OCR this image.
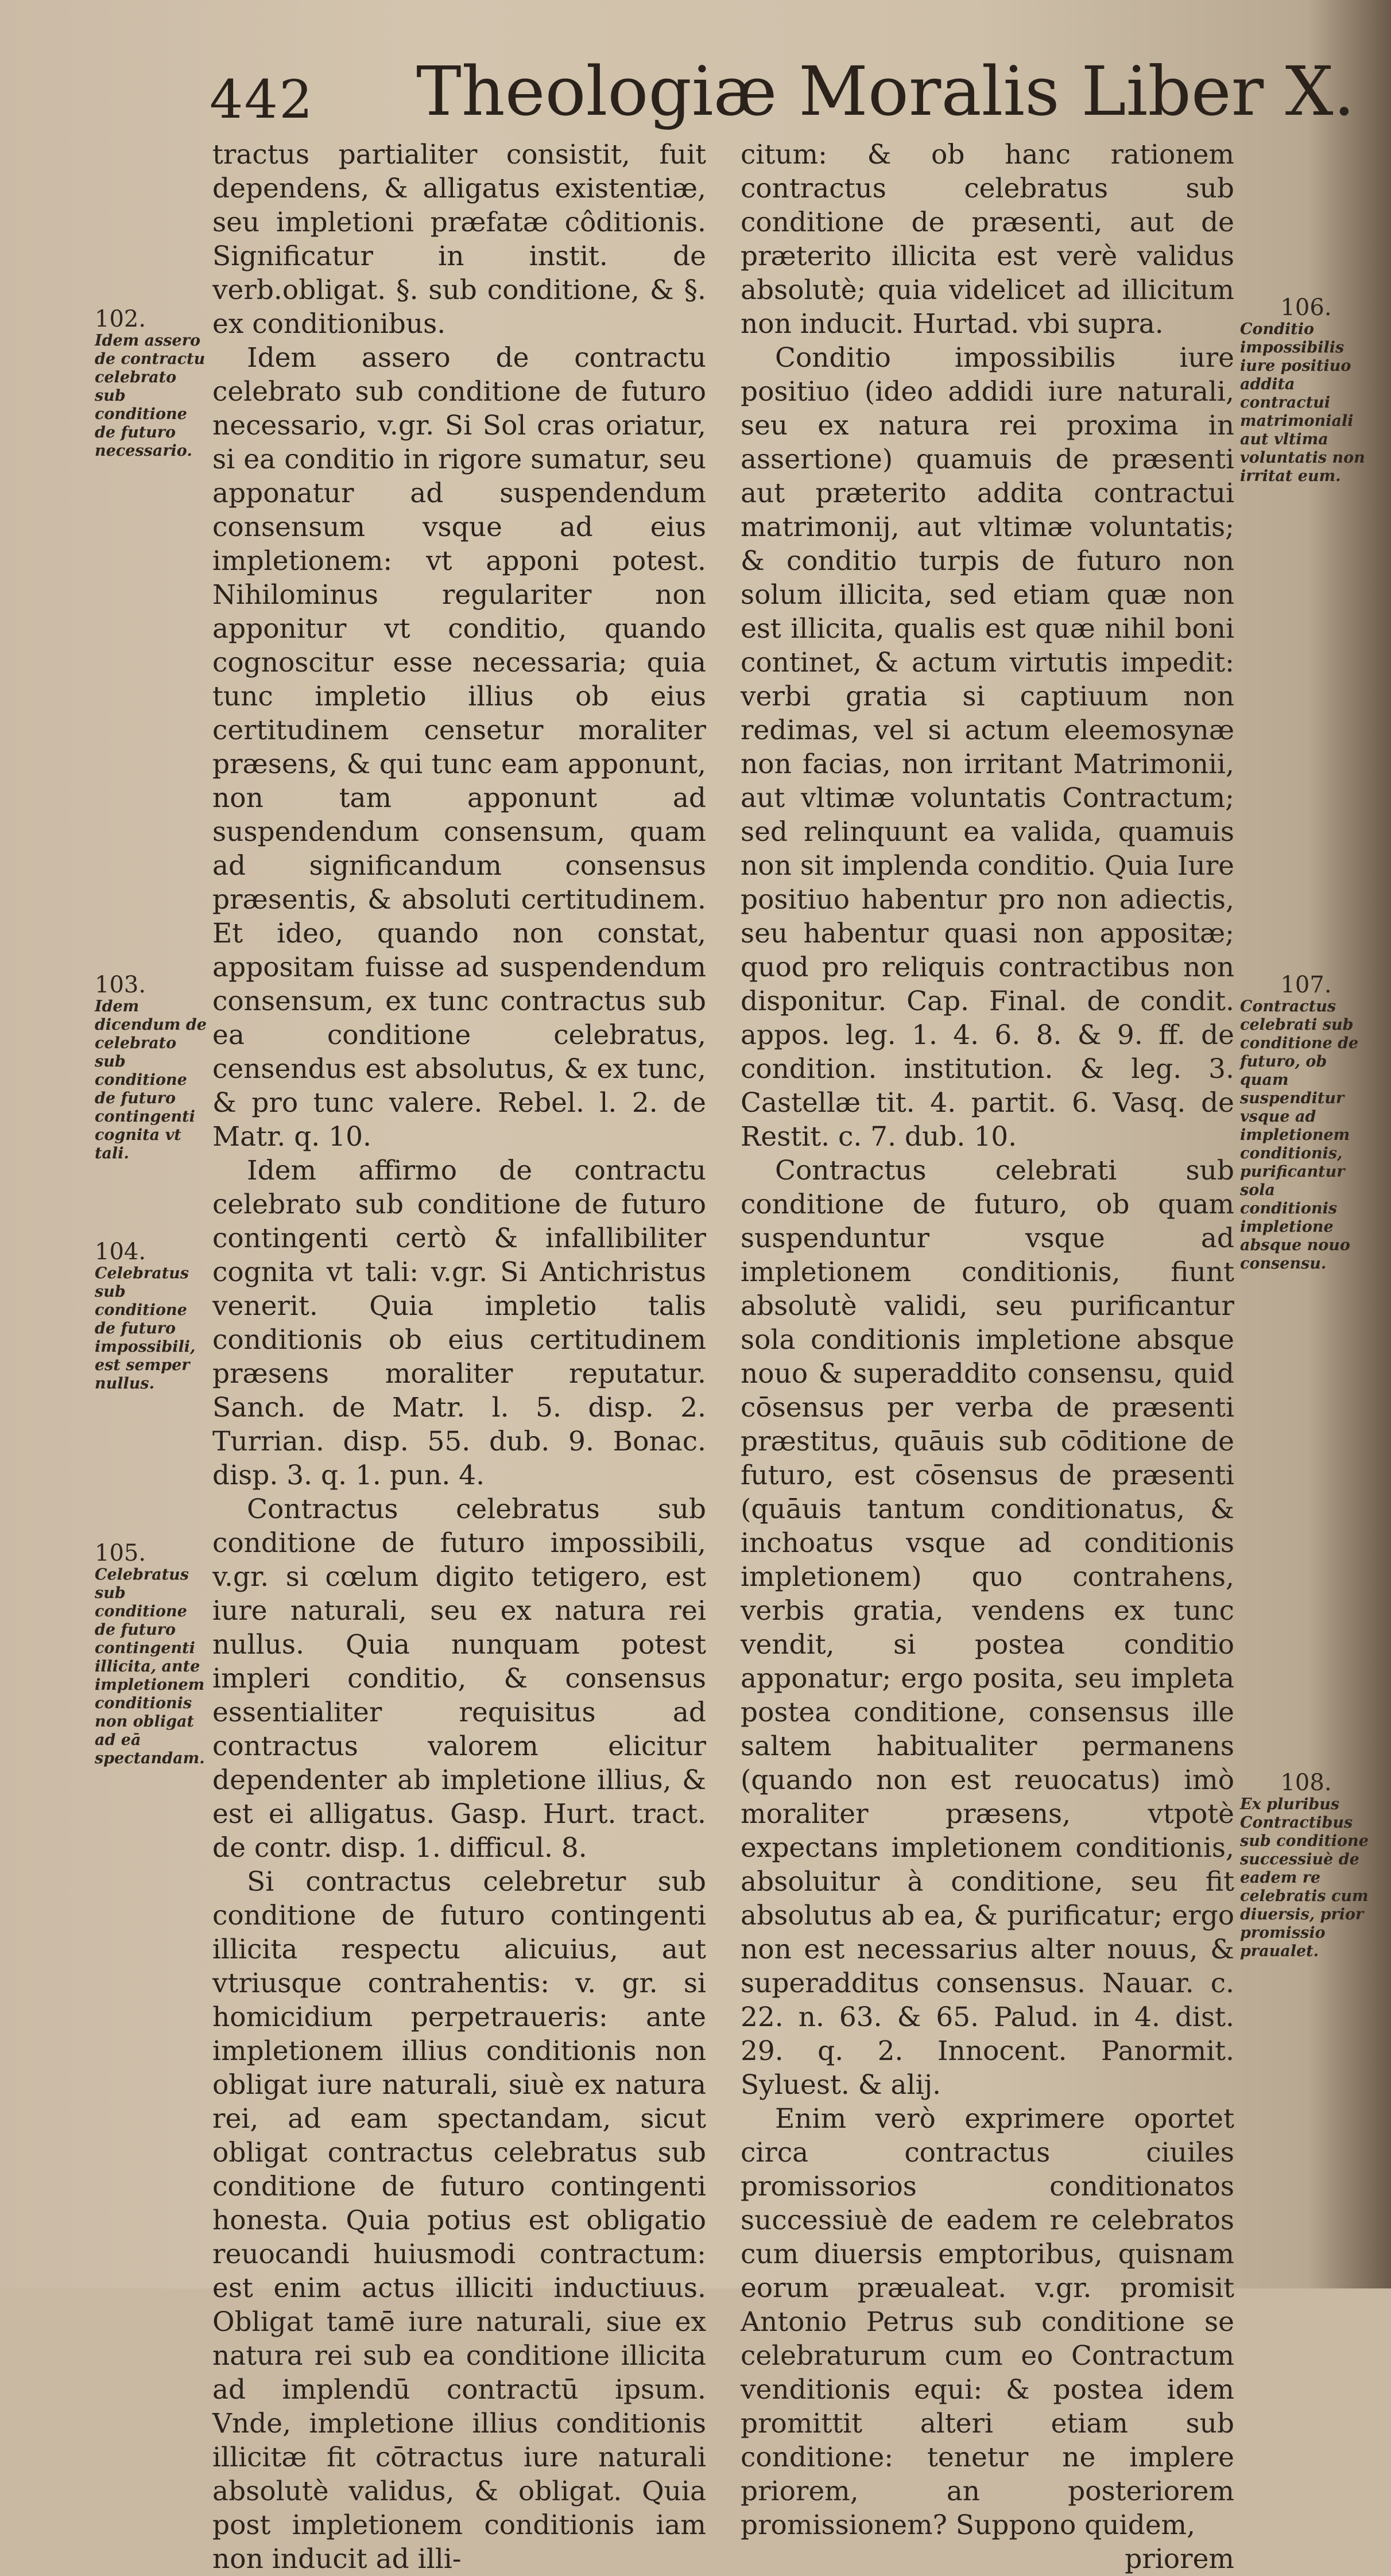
442 Theologiæ Moralis Liber X.

tractus partialiter consistit, fuit dependens, & alligatus existentiæ, seu impletioni præfatæ côditionis. Significatur in instit. de verb.obligat. §. sub conditione, & §. ex conditionibus.

Idem assero de contractu celebrato sub conditione de futuro necessario, v.gr. Si Sol cras oriatur, si ea conditio in rigore sumatur, seu apponatur ad suspendendum consensum vsque ad eius impletionem: vt apponi potest. Nihilominus regulariter non apponitur vt conditio, quando cognoscitur esse necessaria; quia tunc impletio illius ob eius certitudinem censetur moraliter præsens, & qui tunc eam apponunt, non tam apponunt ad suspendendum consensum, quam ad significandum consensus præsentis, & absoluti certitudinem. Et ideo, quando non constat, appositam fuisse ad suspendendum consensum, ex tunc contractus sub ea conditione celebratus, censendus est absolutus, & ex tunc, & pro tunc valere. Rebel. l. 2. de Matr. q. 10.

Idem affirmo de contractu celebrato sub conditione de futuro contingenti certò & infallibiliter cognita vt tali: v.gr. Si Antichristus venerit. Quia impletio talis conditionis ob eius certitudinem præsens moraliter reputatur. Sanch. de Matr. l. 5. disp. 2. Turrian. disp. 55. dub. 9. Bonac. disp. 3. q. 1. pun. 4.

Contractus celebratus sub conditione de futuro impossibili, v.gr. si cœlum digito tetigero, est iure naturali, seu ex natura rei nullus. Quia nunquam potest impleri conditio, & consensus essentialiter requisitus ad contractus valorem elicitur dependenter ab impletione illius, & est ei alligatus. Gasp. Hurt. tract. de contr. disp. 1. difficul. 8.

Si contractus celebretur sub conditione de futuro contingenti illicita respectu alicuius, aut vtriusque contrahentis: v. gr. si homicidium perpetraueris: ante impletionem illius conditionis non obligat iure naturali, siuè ex natura rei, ad eam spectandam, sicut obligat contractus celebratus sub conditione de futuro contingenti honesta. Quia potius est obligatio reuocandi huiusmodi contractum: est enim actus illiciti inductiuus. Obligat tamē iure naturali, siue ex natura rei sub ea conditione illicita ad implendū contractū ipsum. Vnde, impletione illius conditionis illicitæ fit cōtractus iure naturali absolutè validus, & obligat. Quia post impletionem conditionis iam non inducit ad illi-

citum: & ob hanc rationem contractus celebratus sub conditione de præsenti, aut de præterito illicita est verè validus absolutè; quia videlicet ad illicitum non inducit. Hurtad. vbi supra.

Conditio impossibilis iure positiuo (ideo addidi iure naturali, seu ex natura rei proxima in assertione) quamuis de præsenti aut præterito addita contractui matrimonij, aut vltimæ voluntatis; & conditio turpis de futuro non solum illicita, sed etiam quæ non est illicita, qualis est quæ nihil boni continet, & actum virtutis impedit: verbi gratia si captiuum non redimas, vel si actum eleemosynæ non facias, non irritant Matrimonii, aut vltimæ voluntatis Contractum; sed relinquunt ea valida, quamuis non sit implenda conditio. Quia Iure positiuo habentur pro non adiectis, seu habentur quasi non appositæ; quod pro reliquis contractibus non disponitur. Cap. Final. de condit. appos. leg. 1. 4. 6. 8. & 9. ff. de condition. institution. & leg. 3. Castellæ tit. 4. partit. 6. Vasq. de Restit. c. 7. dub. 10.

Contractus celebrati sub conditione de futuro, ob quam suspenduntur vsque ad impletionem conditionis, fiunt absolutè validi, seu purificantur sola conditionis impletione absque nouo & superaddito consensu, quid cōsensus per verba de præsenti præstitus, quāuis sub cōditione de futuro, est cōsensus de præsenti (quāuis tantum conditionatus, & inchoatus vsque ad conditionis impletionem) quo contrahens, verbis gratia, vendens ex tunc vendit, si postea conditio apponatur; ergo posita, seu impleta postea conditione, consensus ille saltem habitualiter permanens (quando non est reuocatus) imò moraliter præsens, vtpotè expectans impletionem conditionis, absoluitur à conditione, seu fit absolutus ab ea, & purificatur; ergo non est necessarius alter nouus, & superadditus consensus. Nauar. c. 22. n. 63. & 65. Palud. in 4. dist. 29. q. 2. Innocent. Panormit. Syluest. & alij.

Enim verò exprimere oportet circa contractus ciuiles promissorios conditionatos successiuè de eadem re celebratos cum diuersis emptoribus, quisnam eorum præualeat. v.gr. promisit Antonio Petrus sub conditione se celebraturum cum eo Contractum venditionis equi: & postea idem promittit alteri etiam sub conditione: tenetur ne implere priorem, an posteriorem promissionem? Suppono quidem,

priorem

102.
Idem assero de contractu celebrato sub conditione de futuro necessario.
103.
Idem dicendum de celebrato sub conditione de futuro contingenti cognita vt tali.
104.
Celebratus sub conditione de futuro impossibili, est semper nullus.
105.
Celebratus sub conditione de futuro contingenti illicita, ante impletionem conditionis non obligat ad eā spectandam.
106.
Conditio impossibilis iure positiuo addita contractui matrimoniali aut vltima voluntatis non irritat eum.
107.
Contractus celebrati sub conditione de futuro, ob quam suspenditur vsque ad impletionem conditionis, purificantur sola conditionis impletione absque nouo consensu.
108.
Ex pluribus Contractibus sub conditione successiuè de eadem re celebratis cum diuersis, prior promissio praualet.
